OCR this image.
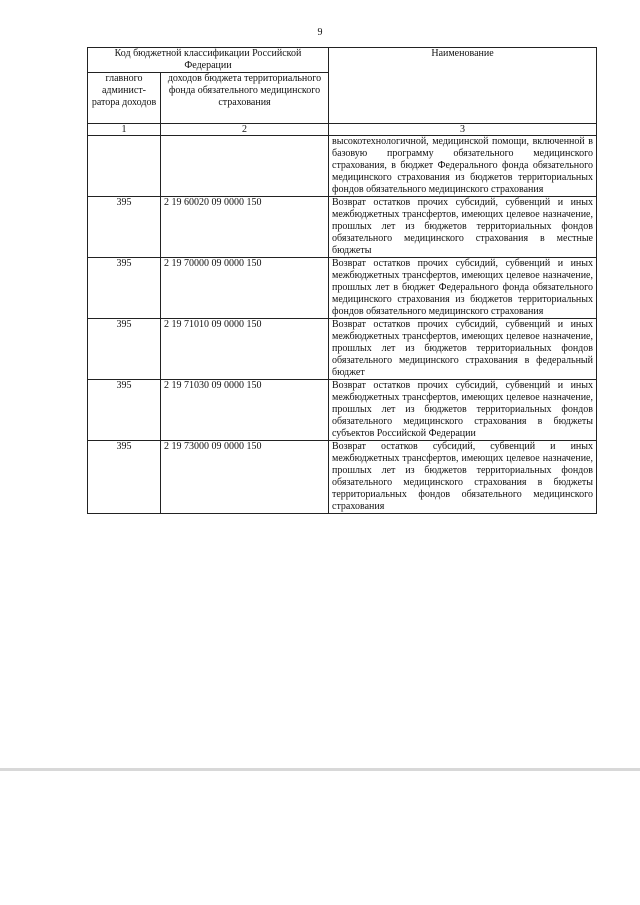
9
Код бюджетной классификации Российской Федерации		Наименование
главного админист-ратора доходов	доходов бюджета территориального фонда обязательного медицинского страхования	
1	2	3
		высокотехнологичной, медицинской помощи, включенной в базовую программу обязательного медицинского страхования, в бюджет Федерального фонда обязательного медицинского страхования из бюджетов территориальных фондов обязательного медицинского страхования
395	2 19 60020 09 0000 150	Возврат остатков прочих субсидий, субвенций и иных межбюджетных трансфертов, имеющих целевое назначение, прошлых лет из бюджетов территориальных фондов обязательного медицинского страхования в местные бюджеты
395	2 19 70000 09 0000 150	Возврат остатков прочих субсидий, субвенций и иных межбюджетных трансфертов, имеющих целевое назначение, прошлых лет в бюджет Федерального фонда обязательного медицинского страхования из бюджетов территориальных фондов обязательного медицинского страхования
395	2 19 71010 09 0000 150	Возврат остатков прочих субсидий, субвенций и иных межбюджетных трансфертов, имеющих целевое назначение, прошлых лет из бюджетов территориальных фондов обязательного медицинского страхования в федеральный бюджет
395	2 19 71030 09 0000 150	Возврат остатков прочих субсидий, субвенций и иных межбюджетных трансфертов, имеющих целевое назначение, прошлых лет из бюджетов территориальных фондов обязательного медицинского страхования в бюджеты субъектов Российской Федерации
395	2 19 73000 09 0000 150	Возврат остатков субсидий, субвенций и иных межбюджетных трансфертов, имеющих целевое назначение, прошлых лет из бюджетов территориальных фондов обязательного медицинского страхования в бюджеты территориальных фондов обязательного медицинского страхования
